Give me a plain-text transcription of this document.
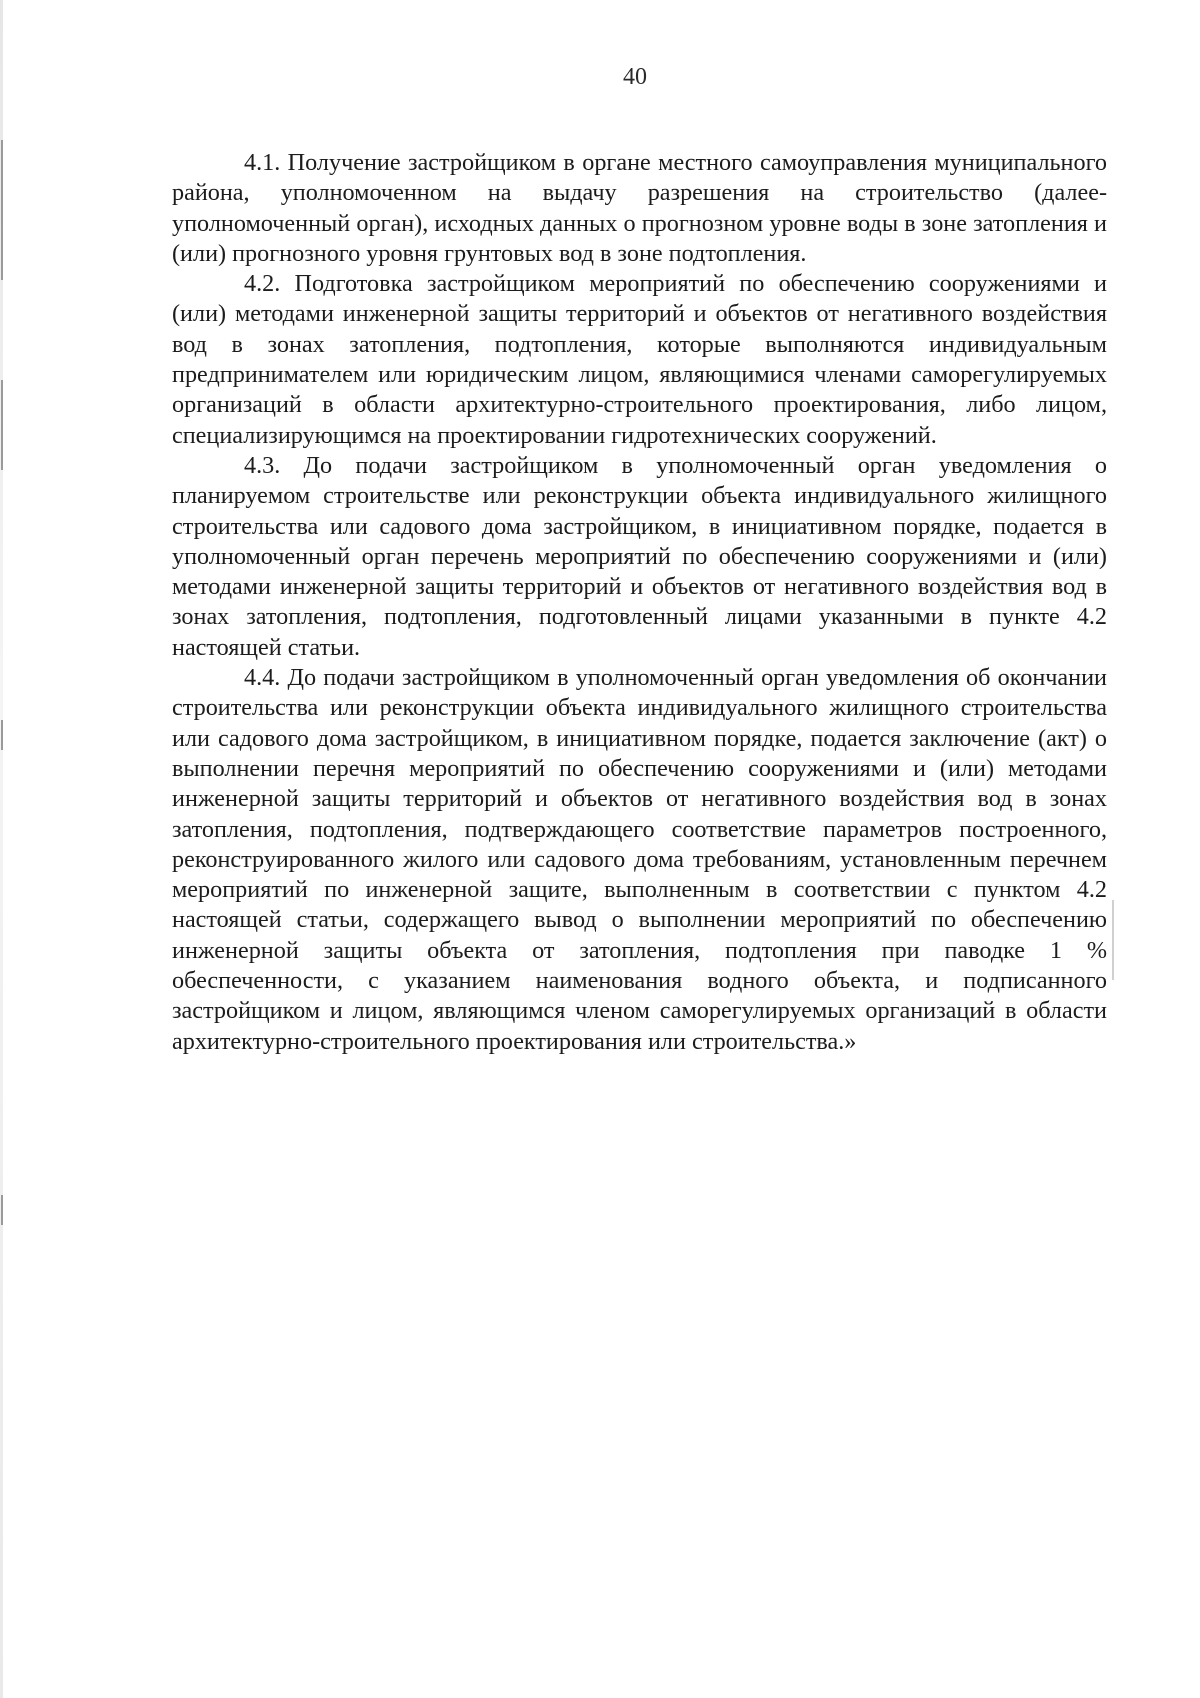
40

4.1. Получение застройщиком в органе местного самоуправления муниципального района, уполномоченном на выдачу разрешения на строительство (далее- уполномоченный орган), исходных данных о прогнозном уровне воды в зоне затопления и (или) прогнозного уровня грунтовых вод в зоне подтопления.

4.2. Подготовка застройщиком мероприятий по обеспечению сооружениями и (или) методами инженерной защиты территорий и объектов от негативного воздействия вод в зонах затопления, подтопления, которые выполняются индивидуальным предпринимателем или юридическим лицом, являющимися членами саморегулируемых организаций в области архитектурно-строительного проектирования, либо лицом, специализирующимся на проектировании гидротехнических сооружений.

4.3. До подачи застройщиком в уполномоченный орган уведомления о планируемом строительстве или реконструкции объекта индивидуального жилищного строительства или садового дома застройщиком, в инициативном порядке, подается в уполномоченный орган перечень мероприятий по обеспечению сооружениями и (или) методами инженерной защиты территорий и объектов от негативного воздействия вод в зонах затопления, подтопления, подготовленный лицами указанными в пункте 4.2 настоящей статьи.

4.4. До подачи застройщиком в уполномоченный орган уведомления об окончании строительства или реконструкции объекта индивидуального жилищного строительства или садового дома застройщиком, в инициативном порядке, подается заключение (акт) о выполнении перечня мероприятий по обеспечению сооружениями и (или) методами инженерной защиты территорий и объектов от негативного воздействия вод в зонах затопления, подтопления, подтверждающего соответствие параметров построенного, реконструированного жилого или садового дома требованиям, установленным перечнем мероприятий по инженерной защите, выполненным в соответствии с пунктом 4.2 настоящей статьи, содержащего вывод о выполнении мероприятий по обеспечению инженерной защиты объекта от затопления, подтопления при паводке 1 % обеспеченности, с указанием наименования водного объекта, и подписанного застройщиком и лицом, являющимся членом саморегулируемых организаций в области архитектурно-строительного проектирования или строительства.»
